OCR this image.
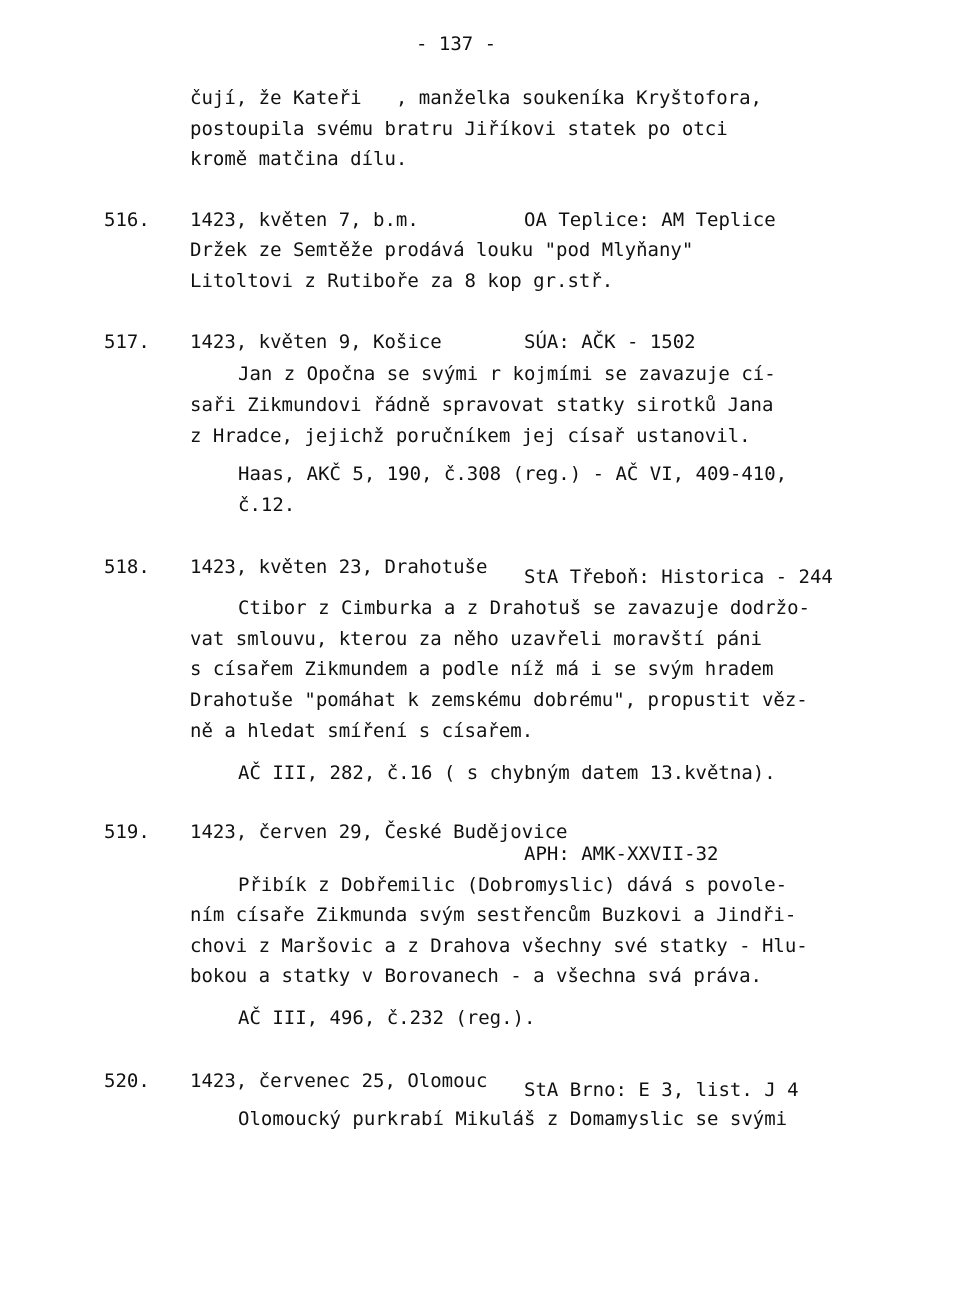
- 137 -
čují, že Kateři   , manželka soukeníka Kryštofora,
postoupila svému bratru Jiříkovi statek po otci
kromě matčina dílu.
516. 1423, květen 7, b.m.	OA Teplice: AM Teplice
Držek ze Semtěže prodává louku "pod Mlyňany"
Litoltovi z Rutiboře za 8 kop gr.stř.
517. 1423, květen 9, Košice	SÚA: AČK - 1502
Jan z Opočna se svými r kojmími se zavazuje cí-
saři Zikmundovi řádně spravovat statky sirotků Jana
z Hradce, jejichž poručníkem jej císař ustanovil.
Haas, AKČ 5, 190, č.308 (reg.) - AČ VI, 409-410,
č.12.
518. 1423, květen 23, Drahotuše StA Třeboň: Historica - 244
Ctibor z Cimburka a z Drahotuš se zavazuje dodržo-
vat smlouvu, kterou za něho uzavřeli moravští páni
s císařem Zikmundem a podle níž má i se svým hradem
Drahotuše "pomáhat k zemskému dobrému", propustit věz-
ně a hledat smíření s císařem.
AČ III, 282, č.16 ( s chybným datem 13.května).
519. 1423, červen 29, České Budějovice
APH: AMK-XXVII-32
Přibík z Dobřemilic (Dobromyslic) dává s povole-
ním císaře Zikmunda svým sestřencům Buzkovi a Jindři-
chovi z Maršovic a z Drahova všechny své statky - Hlu-
bokou a statky v Borovanech - a všechna svá práva.
AČ III, 496, č.232 (reg.).
520. 1423, červenec 25, Olomouc StA Brno: E 3, list. J 4
Olomoucký purkrabí Mikuláš z Domamyslic se svými
